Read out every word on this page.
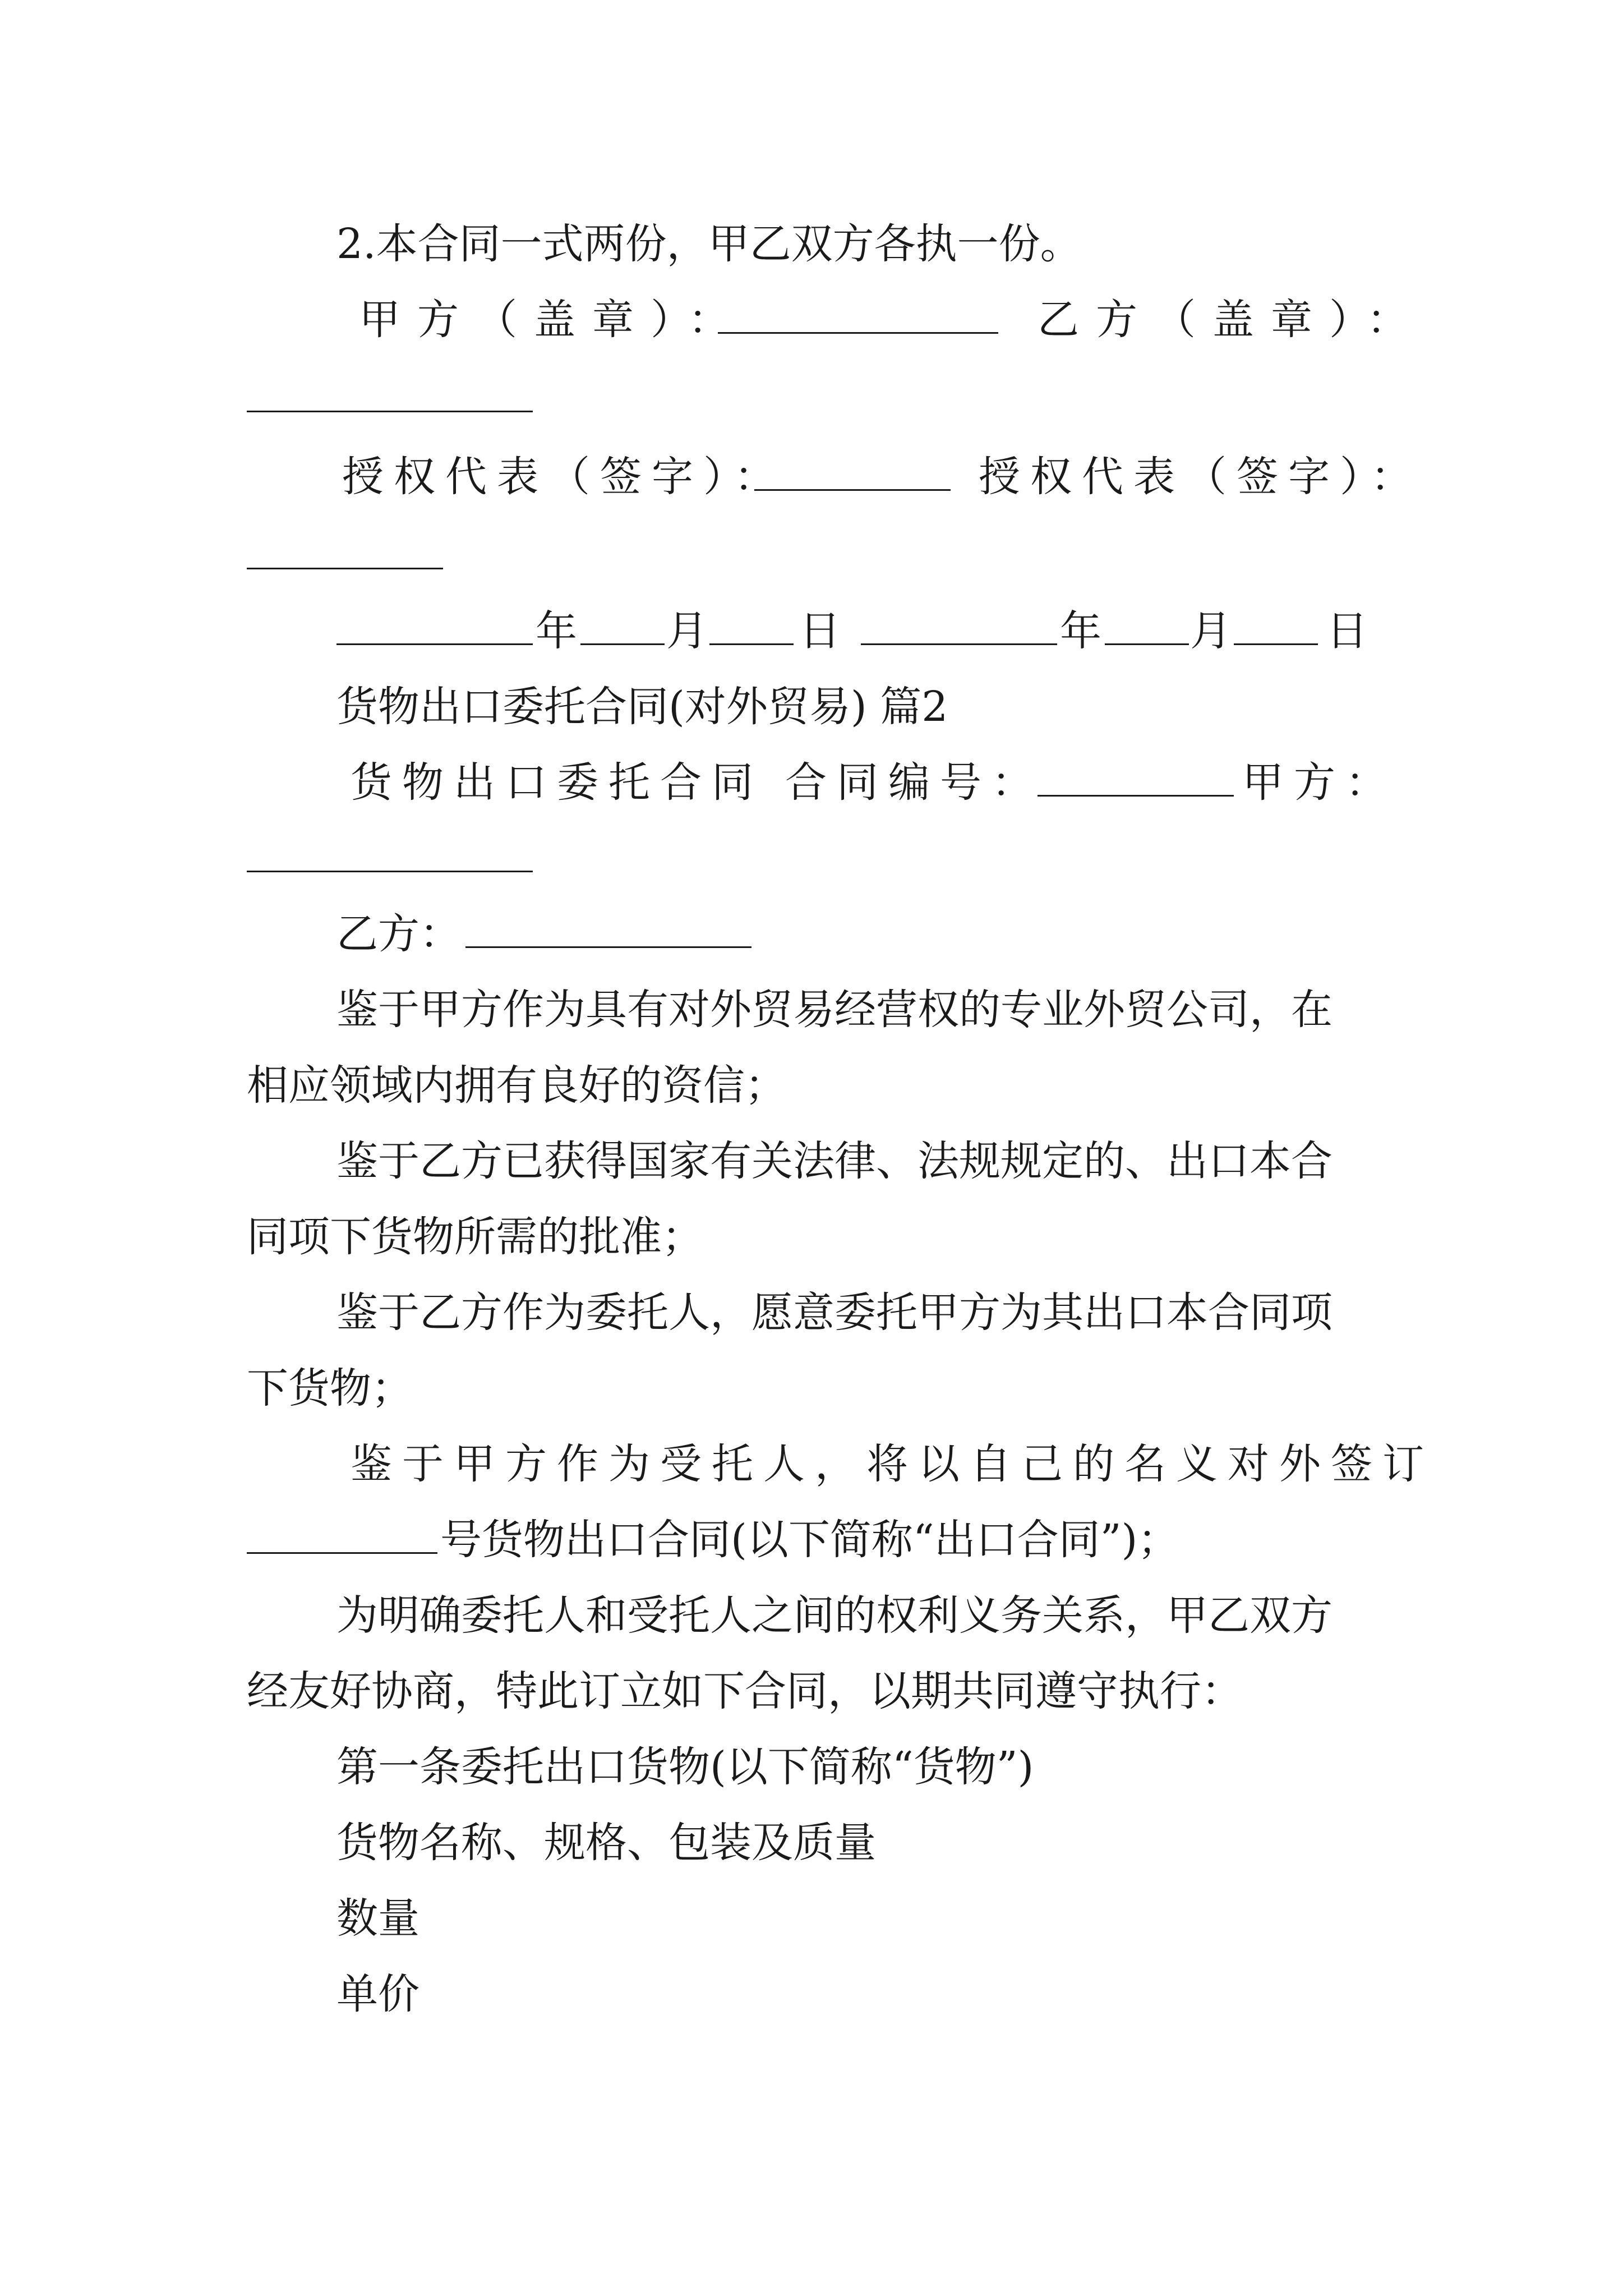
2.本合同一式两份，甲乙双方各执一份。
甲方（盖章）：	乙方（盖章）：
授权代表（签字）：	授权代表（签字）：
年 月 日	年 月 日
货物出口委托合同(对外贸易) 篇2
货物出口委托合同 合同编号：	甲方：
乙方：
鉴于甲方作为具有对外贸易经营权的专业外贸公司，在
相应领域内拥有良好的资信；
鉴于乙方已获得国家有关法律、法规规定的、出口本合
同项下货物所需的批准；
鉴于乙方作为委托人，愿意委托甲方为其出口本合同项
下货物；
鉴于甲方作为受托人，将以自己的名义对外签订
号货物出口合同(以下简称“出口合同”)；
为明确委托人和受托人之间的权利义务关系，甲乙双方
经友好协商，特此订立如下合同，以期共同遵守执行：
第一条委托出口货物(以下简称“货物”)
货物名称、规格、包装及质量
数量
单价
